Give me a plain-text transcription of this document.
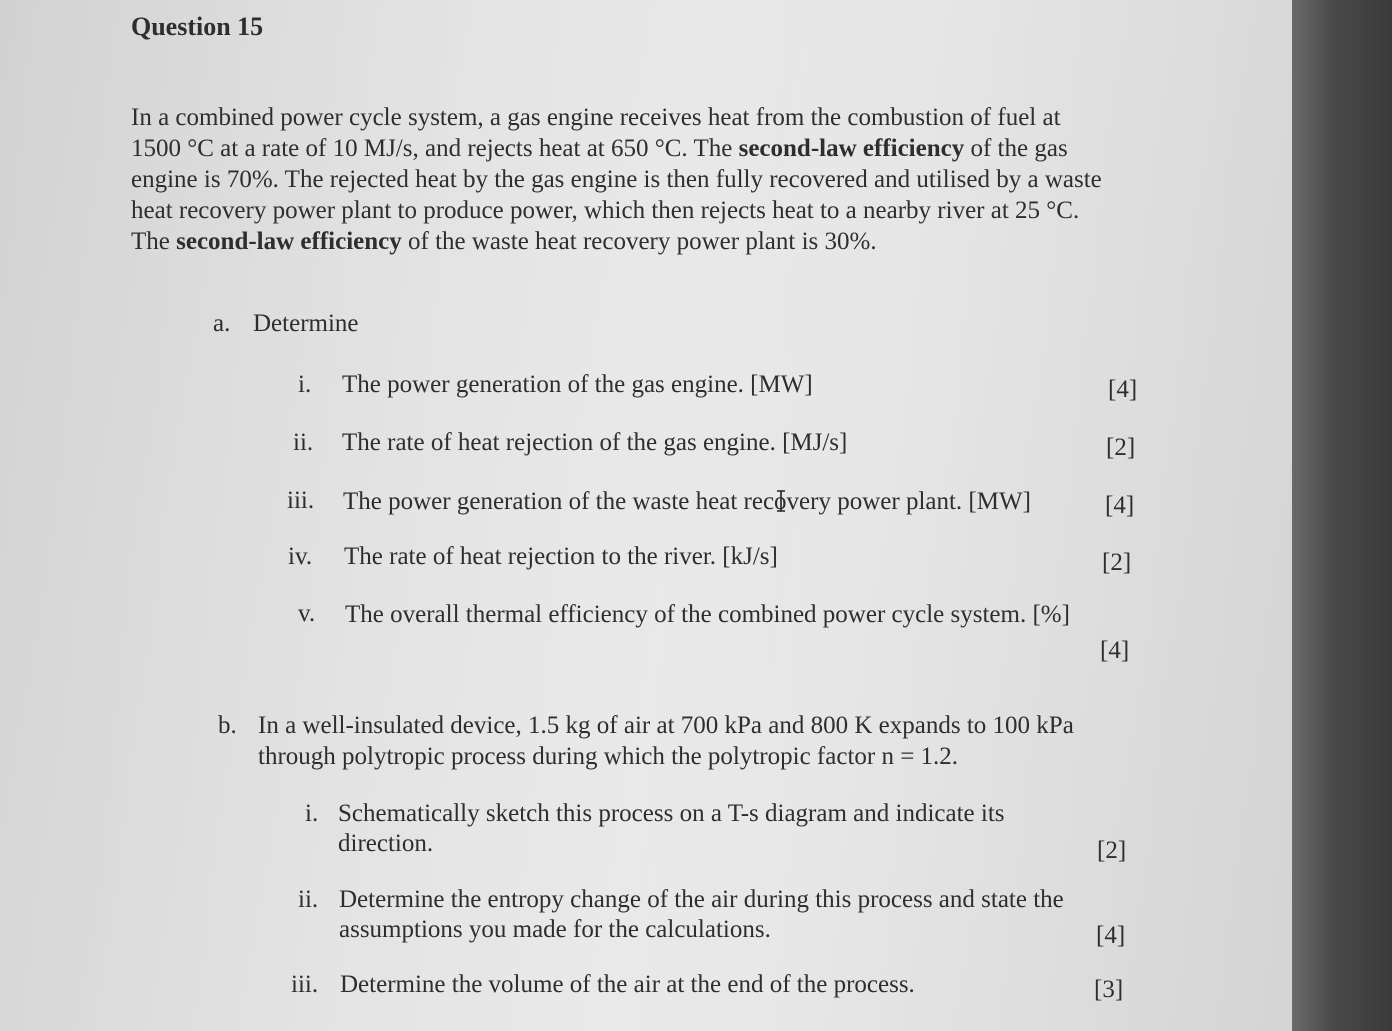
Question 15
In a combined power cycle system, a gas engine receives heat from the combustion of fuel at
1500 °C at a rate of 10 MJ/s, and rejects heat at 650 °C. The second-law efficiency of the gas
engine is 70%. The rejected heat by the gas engine is then fully recovered and utilised by a waste
heat recovery power plant to produce power, which then rejects heat to a nearby river at 25 °C.
The second-law efficiency of the waste heat recovery power plant is 30%.
a. Determine
i. The power generation of the gas engine. [MW]	[4]
ii. The rate of heat rejection of the gas engine. [MJ/s]	[2]
iii. The power generation of the waste heat recovery power plant. [MW]	[4]
iv. The rate of heat rejection to the river. [kJ/s]	[2]
v. The overall thermal efficiency of the combined power cycle system. [%]
[4]
b. In a well-insulated device, 1.5 kg of air at 700 kPa and 800 K expands to 100 kPa
through polytropic process during which the polytropic factor n = 1.2.
i. Schematically sketch this process on a T-s diagram and indicate its
direction.	[2]
ii. Determine the entropy change of the air during this process and state the
assumptions you made for the calculations.	[4]
iii. Determine the volume of the air at the end of the process.	[3]
